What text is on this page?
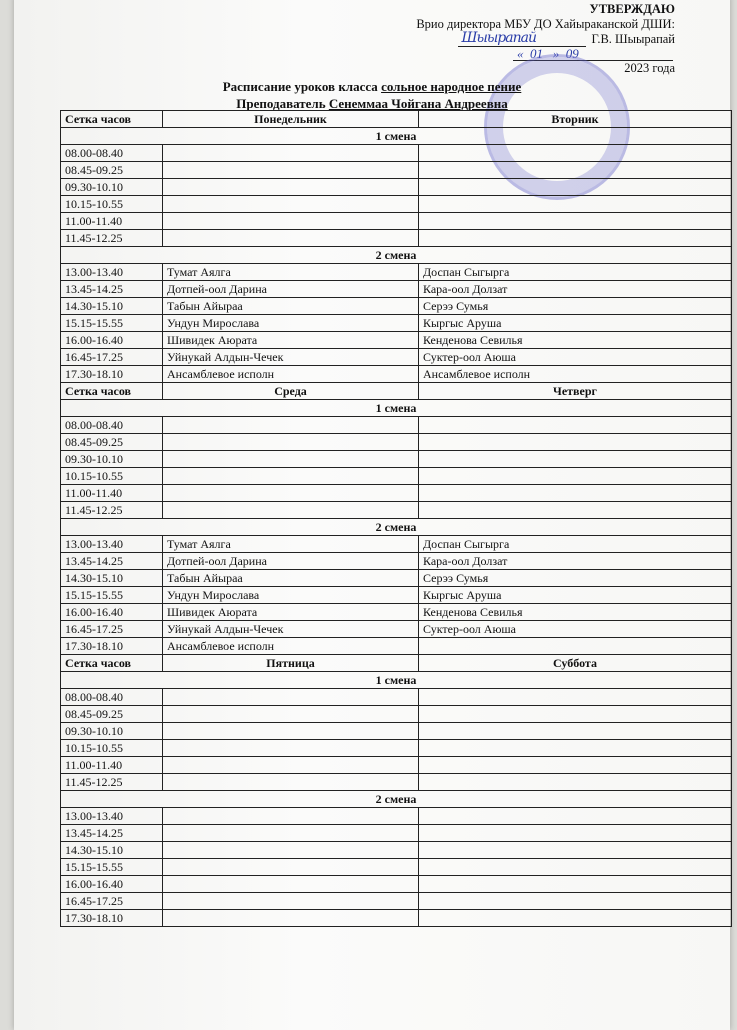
УТВЕРЖДАЮ
Врио директора МБУ ДО Хайыраканской ДШИ:
Шыырапай	Г.В. Шыырапай
«  01   »  09
2023 года
Расписание уроков класса сольное народное пение
Преподаватель Сенеммаа Чойгана Андреевна
Сетка часов	Понедельник	Вторник
1 смена		
08.00-08.40		
08.45-09.25		
09.30-10.10		
10.15-10.55		
11.00-11.40		
11.45-12.25		
2 смена		
13.00-13.40	Тумат Аялга	Доспан Сыгырга
13.45-14.25	Дотпей-оол Дарина	Кара-оол Долзат
14.30-15.10	Табын Айыраа	Серээ Сумья
15.15-15.55	Ундун Мирослава	Кыргыс Аруша
16.00-16.40	Шивидек Аюрата	Кенденова Севилья
16.45-17.25	Уйнукай Алдын-Чечек	Суктер-оол Аюша
17.30-18.10	Ансамблевое исполн	Ансамблевое исполн
Сетка часов	Среда	Четверг
1 смена		
08.00-08.40		
08.45-09.25		
09.30-10.10		
10.15-10.55		
11.00-11.40		
11.45-12.25		
2 смена		
13.00-13.40	Тумат Аялга	Доспан Сыгырга
13.45-14.25	Дотпей-оол Дарина	Кара-оол Долзат
14.30-15.10	Табын Айыраа	Серээ Сумья
15.15-15.55	Ундун Мирослава	Кыргыс Аруша
16.00-16.40	Шивидек Аюрата	Кенденова Севилья
16.45-17.25	Уйнукай Алдын-Чечек	Суктер-оол Аюша
17.30-18.10	Ансамблевое исполн	
Сетка часов	Пятница	Суббота
1 смена		
08.00-08.40		
08.45-09.25		
09.30-10.10		
10.15-10.55		
11.00-11.40		
11.45-12.25		
2 смена		
13.00-13.40		
13.45-14.25		
14.30-15.10		
15.15-15.55		
16.00-16.40		
16.45-17.25		
17.30-18.10		
